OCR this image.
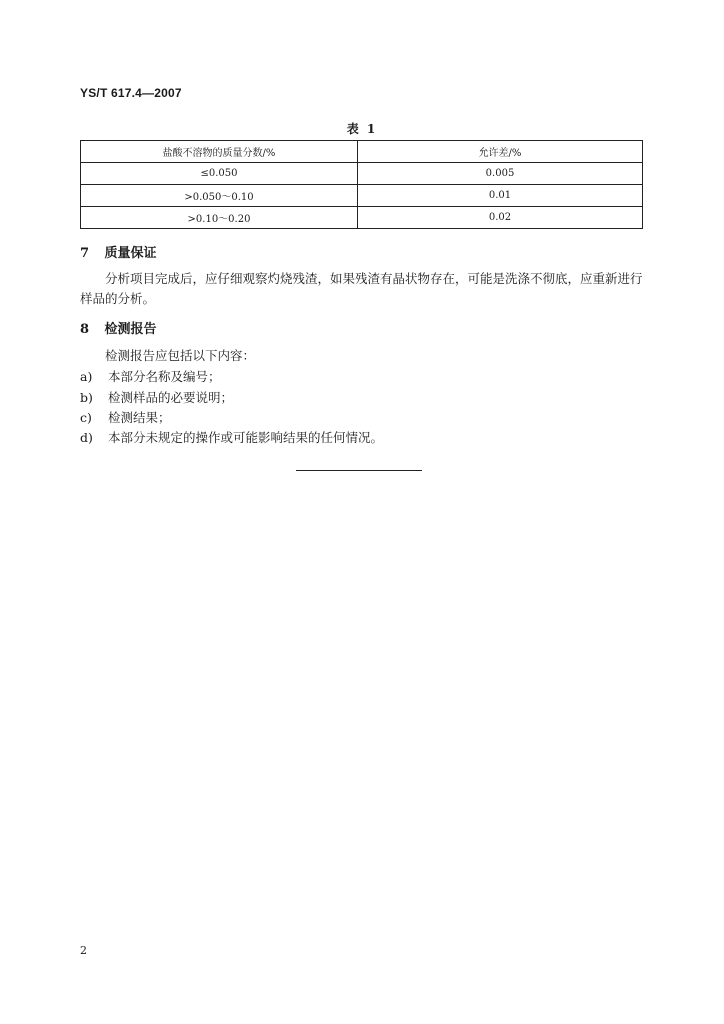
YS/T 617.4—2007
表 1
盐酸不溶物的质量分数/%	允许差/%
≤0.050	0.005
>0.050～0.10	0.01
>0.10～0.20	0.02
7 质量保证
分析项目完成后，应仔细观察灼烧残渣，如果残渣有晶状物存在，可能是洗涤不彻底，应重新进行样品的分析。
8 检测报告
检测报告应包括以下内容：
a) 本部分名称及编号；
b) 检测样品的必要说明；
c) 检测结果；
d) 本部分未规定的操作或可能影响结果的任何情况。
2
